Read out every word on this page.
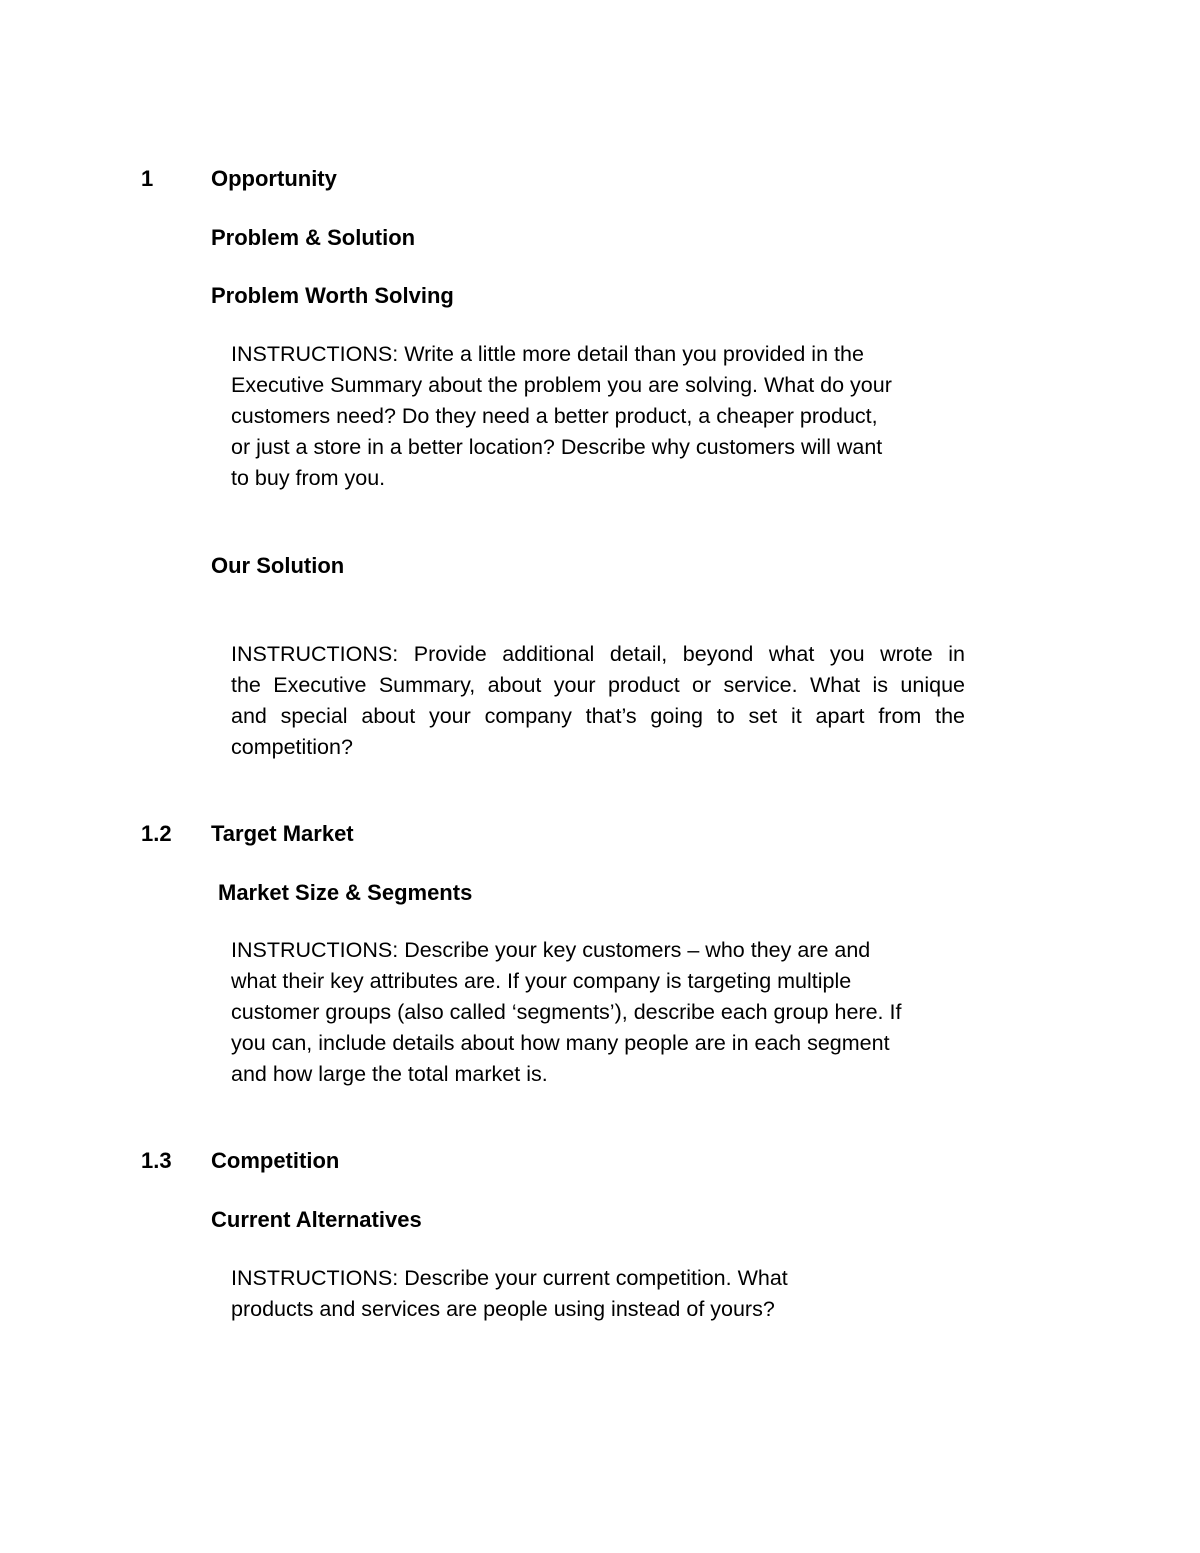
1	Opportunity
Problem & Solution
Problem Worth Solving
INSTRUCTIONS: Write a little more detail than you provided in the
Executive Summary about the problem you are solving. What do your
customers need? Do they need a better product, a cheaper product,
or just a store in a better location? Describe why customers will want
to buy from you.
Our Solution
INSTRUCTIONS: Provide additional detail, beyond what you wrote in
the Executive Summary, about your product or service. What is unique
and special about your company that’s going to set it apart from the
competition?
1.2 Target Market
Market Size & Segments
INSTRUCTIONS: Describe your key customers – who they are and
what their key attributes are. If your company is targeting multiple
customer groups (also called ‘segments’), describe each group here. If
you can, include details about how many people are in each segment
and how large the total market is.
1.3 Competition
Current Alternatives
INSTRUCTIONS: Describe your current competition. What
products and services are people using instead of yours?
